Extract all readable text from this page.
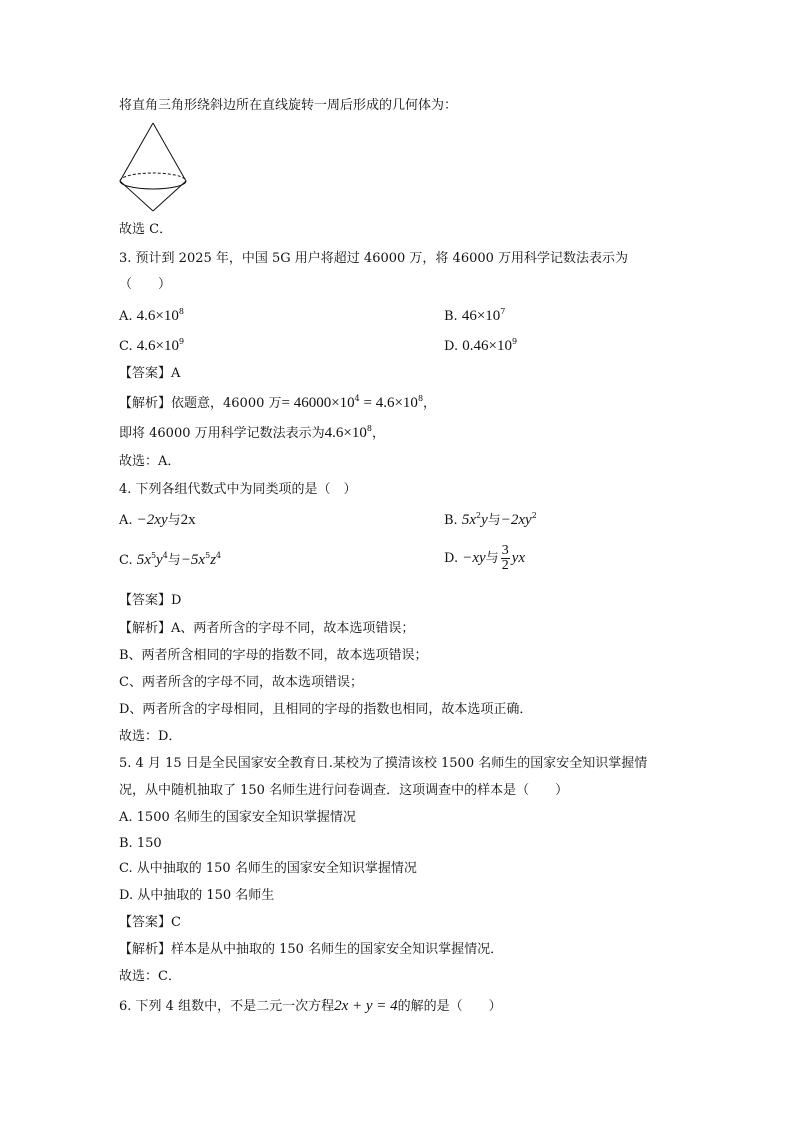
将直角三角形绕斜边所在直线旋转一周后形成的几何体为：
故选 C．
3. 预计到 2025 年，中国 5G 用户将超过 46000 万，将 46000 万用科学记数法表示为
（　　）
A. $4.6\times 10^8$	B. $46\times 10^7$
C. $4.6\times 10^9$	D. $0.46\times 10^9$
【答案】A
【解析】依题意，46000 万= $46000\times 10^4 = 4.6\times 10^8$，
即将 46000 万用科学记数法表示为$4.6\times 10^8$，
故选：A．
4. 下列各组代数式中为同类项的是（　）
A. −2xy与2x	B. $5x^2y$与$-2xy^2$
C. $5x^5y^4$与$-5x^5z^4$	D. −xy与 $\frac{3}{2}$ yx
【答案】D
【解析】A、两者所含的字母不同，故本选项错误；
B、两者所含相同的字母的指数不同，故本选项错误；
C、两者所含的字母不同，故本选项错误；
D、两者所含的字母相同，且相同的字母的指数也相同，故本选项正确．
故选：D．
5. 4 月 15 日是全民国家安全教育日.某校为了摸清该校 1500 名师生的国家安全知识掌握情
况，从中随机抽取了 150 名师生进行问卷调查．这项调查中的样本是（　　）
A. 1500 名师生的国家安全知识掌握情况
B. 150
C. 从中抽取的 150 名师生的国家安全知识掌握情况
D. 从中抽取的 150 名师生
【答案】C
【解析】样本是从中抽取的 150 名师生的国家安全知识掌握情况．
故选：C．
6. 下列 4 组数中，不是二元一次方程2x + y = 4的解的是（　　）
